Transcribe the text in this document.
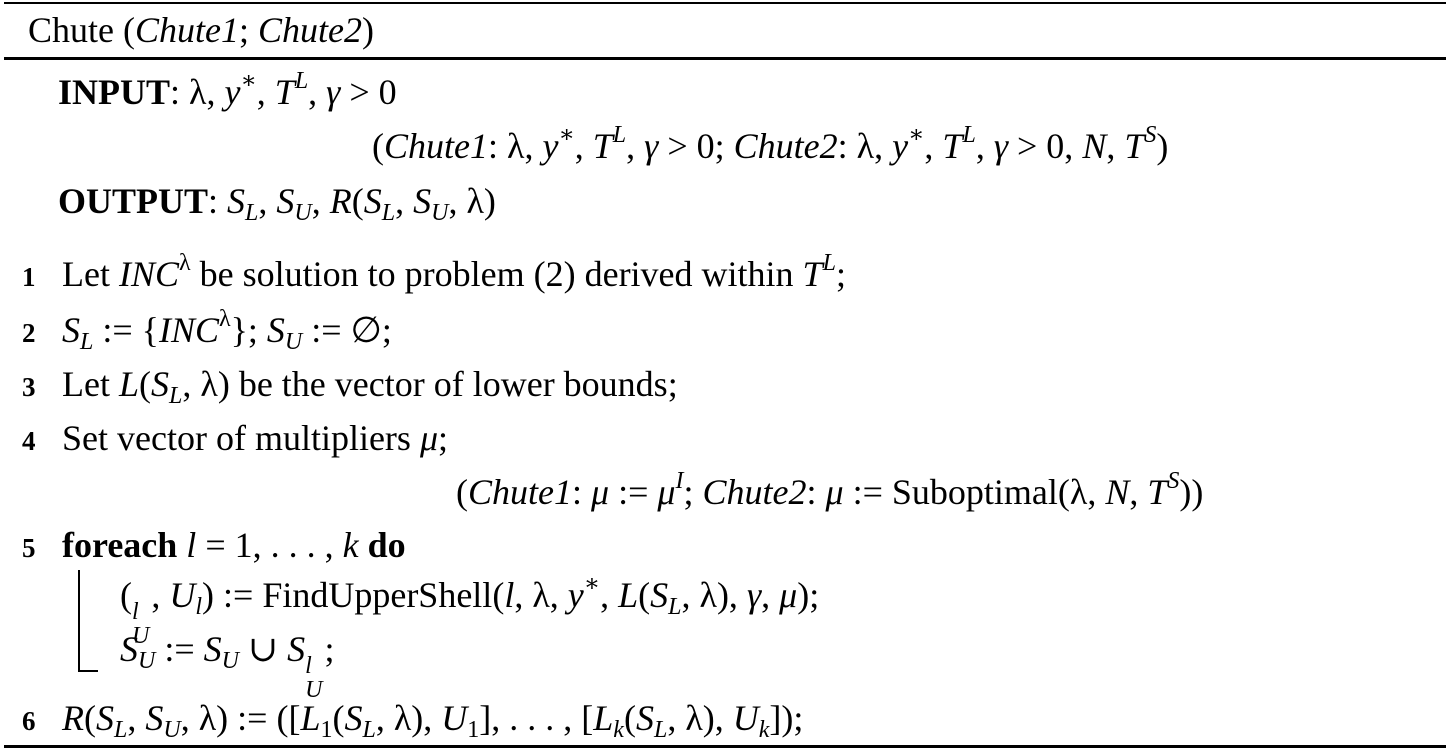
Chute (Chute1; Chute2)
INPUT: λ, y∗, $T^L$, γ > 0
(Chute1: λ, y∗, $T^L$, γ > 0; Chute2: λ, y∗, $T^L$, γ > 0, N, $T^S$)
OUTPUT: $S_L$, $S_U$, $R(S_L$, $S_U$, λ)
1 Let $INC^\lambda$ be solution to problem (2) derived within $T^L$;
2 $S_L$ := $\{INC^\lambda\}$; $S_U$ := ∅;
3 Let $L(S_L$, λ) be the vector of lower bounds;
4 Set vector of multipliers μ;
(Chute1: μ := $\mu^I$; Chute2: μ := Suboptimal(λ, N, $T^S$))
5 foreach l = 1, . . . , k do
( l
U
, $U_l$) := FindUpperShell(l, λ, y∗, $L(S_L$, λ), γ, μ);
$S_U$ := $S_U$ ∪ S l
U
;
6 $R(S_L$, $S_U$, λ) := ([$L_1(S_L$, λ), $U_1$], . . . , [$L_k(S_L$, λ), $U_k$]);
